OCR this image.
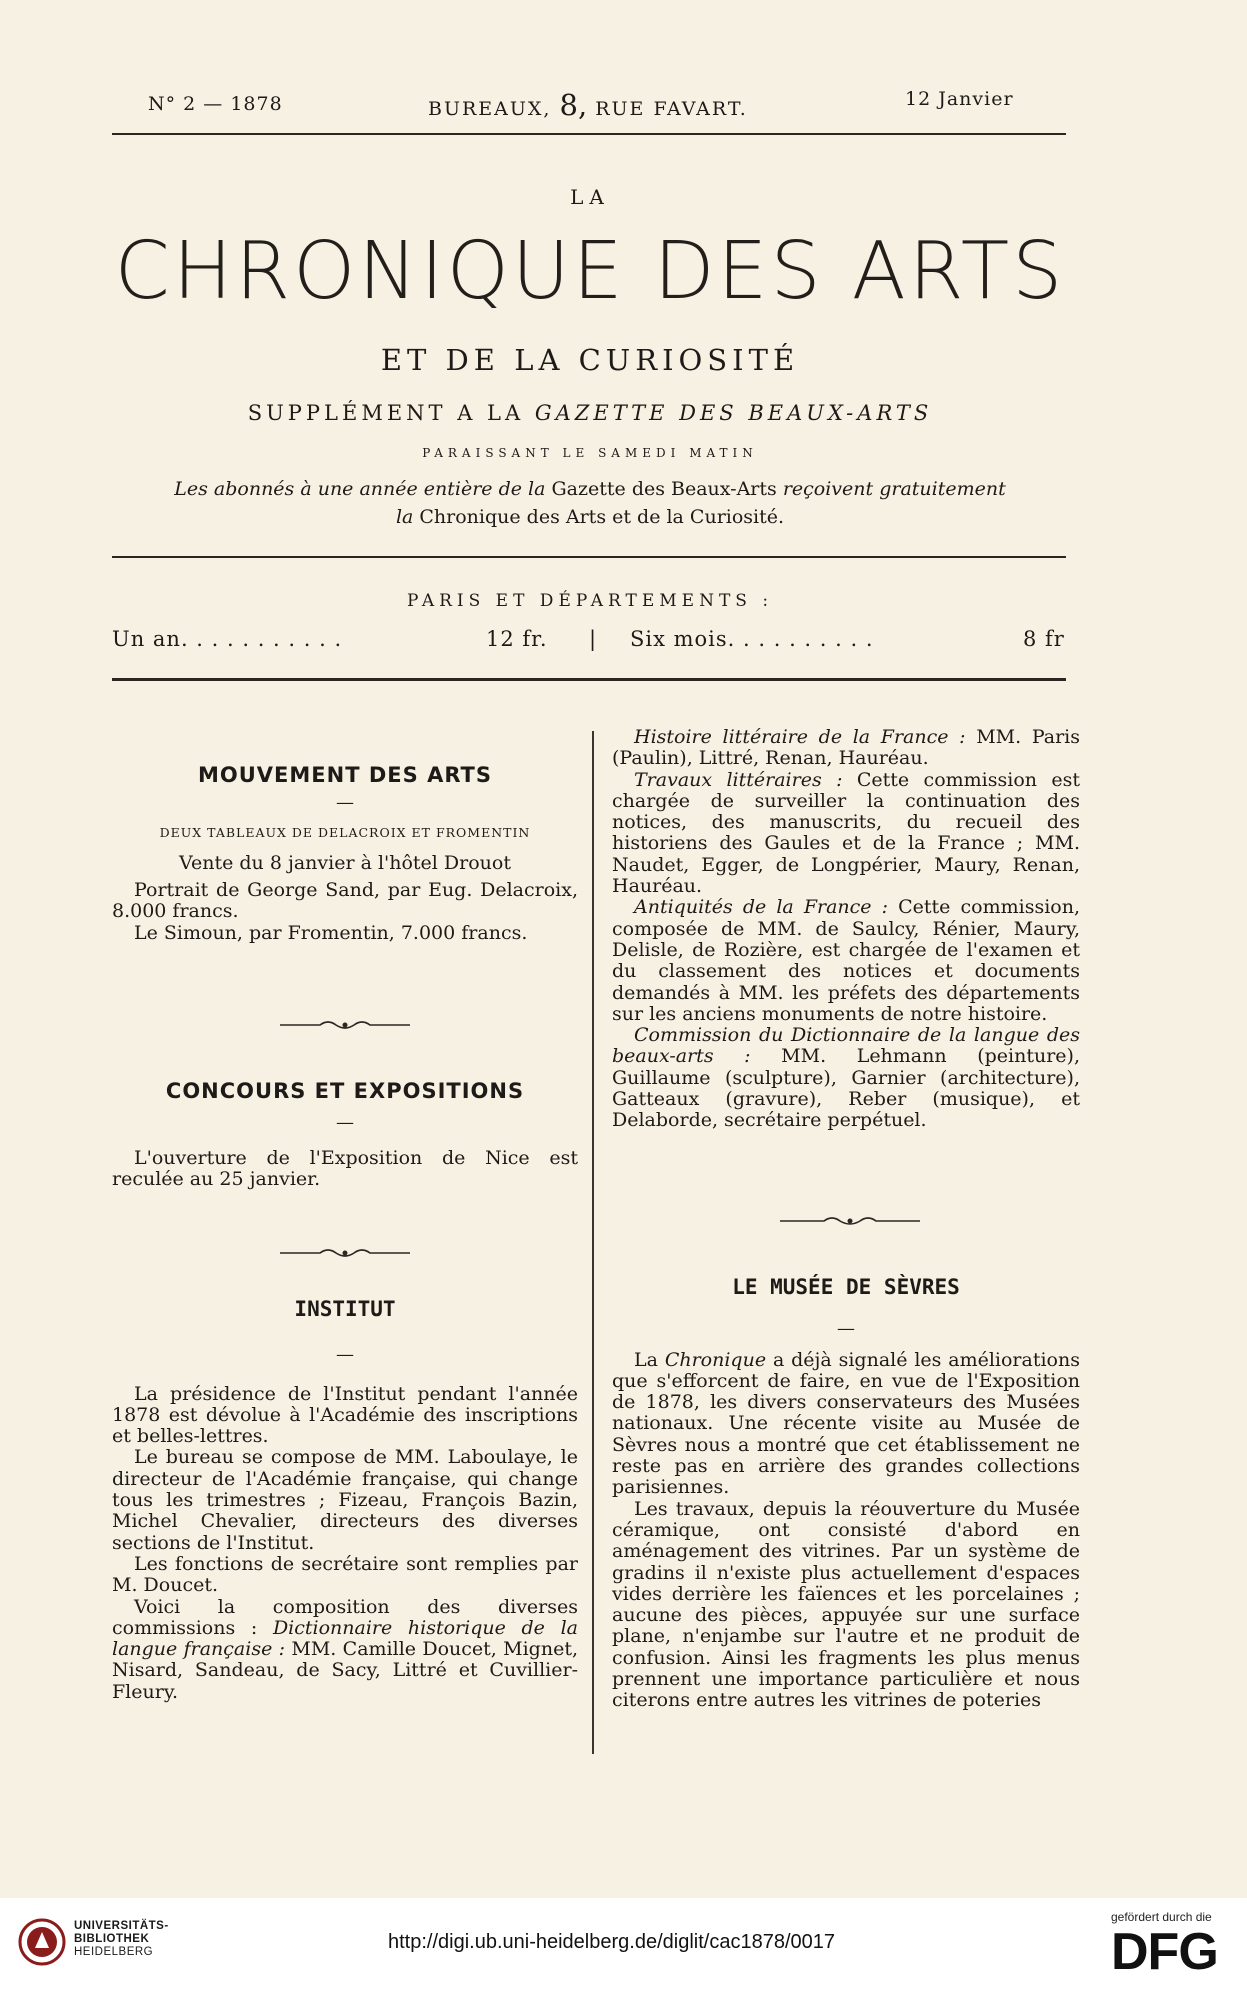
N° 2 — 1878	BUREAUX, 8, RUE FAVART.	12 Janvier
LA
CHRONIQUE DES ARTS
ET DE LA CURIOSITÉ
SUPPLÉMENT A LA GAZETTE DES BEAUX-ARTS
PARAISSANT LE SAMEDI MATIN
Les abonnés à une année entière de la Gazette des Beaux-Arts reçoivent gratuitement
la Chronique des Arts et de la Curiosité.
PARIS ET DÉPARTEMENTS :
Un an. . . . . . . . . . .	12 fr. | Six mois. . . . . . . . . .	8 fr
MOUVEMENT DES ARTS
—
DEUX TABLEAUX DE DELACROIX ET FROMENTIN

Vente du 8 janvier à l'hôtel Drouot

Portrait de George Sand, par Eug. Delacroix, 8.000 francs.

Le Simoun, par Fromentin, 7.000 francs.

CONCOURS ET EXPOSITIONS
—

L'ouverture de l'Exposition de Nice est reculée au 25 janvier.

INSTITUT
—

La présidence de l'Institut pendant l'année 1878 est dévolue à l'Académie des inscriptions et belles-lettres.

Le bureau se compose de MM. Laboulaye, le directeur de l'Académie française, qui change tous les trimestres ; Fizeau, François Bazin, Michel Chevalier, directeurs des diverses sections de l'Institut.

Les fonctions de secrétaire sont remplies par M. Doucet.

Voici la composition des diverses commissions : Dictionnaire historique de la langue française : MM. Camille Doucet, Mignet, Nisard, Sandeau, de Sacy, Littré et Cuvillier-Fleury.

Histoire littéraire de la France : MM. Paris (Paulin), Littré, Renan, Hauréau.

Travaux littéraires : Cette commission est chargée de surveiller la continuation des notices, des manuscrits, du recueil des historiens des Gaules et de la France ; MM. Naudet, Egger, de Longpérier, Maury, Renan, Hauréau.

Antiquités de la France : Cette commission, composée de MM. de Saulcy, Rénier, Maury, Delisle, de Rozière, est chargée de l'examen et du classement des notices et documents demandés à MM. les préfets des départements sur les anciens monuments de notre histoire.

Commission du Dictionnaire de la langue des beaux-arts : MM. Lehmann (peinture), Guillaume (sculpture), Garnier (architecture), Gatteaux (gravure), Reber (musique), et Delaborde, secrétaire perpétuel.

LE MUSÉE DE SÈVRES
—

La Chronique a déjà signalé les améliorations que s'efforcent de faire, en vue de l'Exposition de 1878, les divers conservateurs des Musées nationaux. Une récente visite au Musée de Sèvres nous a montré que cet établissement ne reste pas en arrière des grandes collections parisiennes.

Les travaux, depuis la réouverture du Musée céramique, ont consisté d'abord en aménagement des vitrines. Par un système de gradins il n'existe plus actuellement d'espaces vides derrière les faïences et les porcelaines ; aucune des pièces, appuyée sur une surface plane, n'enjambe sur l'autre et ne produit de confusion. Ainsi les fragments les plus menus prennent une importance particulière et nous citerons entre autres les vitrines de poteries

UNIVERSITÄTS-
BIBLIOTHEK
HEIDELBERG	http://digi.ub.uni-heidelberg.de/diglit/cac1878/0017
gefördert durch die
DFG
